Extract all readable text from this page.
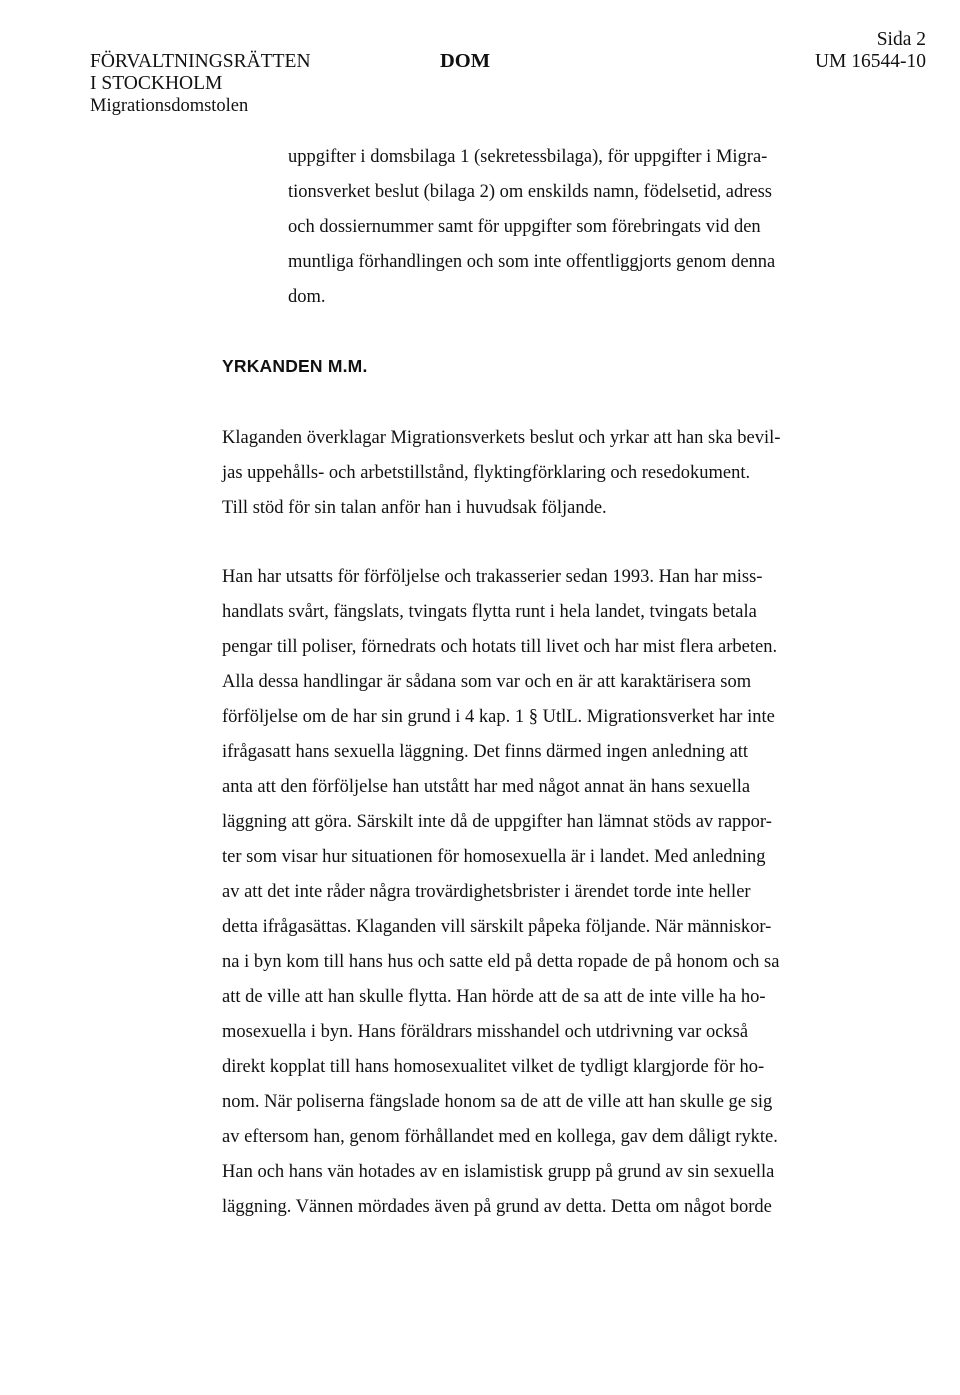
FÖRVALTNINGSRÄTTEN
I STOCKHOLM
Migrationsdomstolen
DOM
Sida 2
UM 16544-10
uppgifter i domsbilaga 1 (sekretessbilaga), för uppgifter i Migra-
tionsverket beslut (bilaga 2) om enskilds namn, födelsetid, adress
och dossiernummer samt för uppgifter som förebringats vid den
muntliga förhandlingen och som inte offentliggjorts genom denna
dom.
YRKANDEN M.M.
Klaganden överklagar Migrationsverkets beslut och yrkar att han ska bevil-
jas uppehålls- och arbetstillstånd, flyktingförklaring och resedokument.
Till stöd för sin talan anför han i huvudsak följande.
Han har utsatts för förföljelse och trakasserier sedan 1993. Han har miss-
handlats svårt, fängslats, tvingats flytta runt i hela landet, tvingats betala
pengar till poliser, förnedrats och hotats till livet och har mist flera arbeten.
Alla dessa handlingar är sådana som var och en är att karaktärisera som
förföljelse om de har sin grund i 4 kap. 1 § UtlL. Migrationsverket har inte
ifrågasatt hans sexuella läggning. Det finns därmed ingen anledning att
anta att den förföljelse han utstått har med något annat än hans sexuella
läggning att göra. Särskilt inte då de uppgifter han lämnat stöds av rappor-
ter som visar hur situationen för homosexuella är i landet. Med anledning
av att det inte råder några trovärdighetsbrister i ärendet torde inte heller
detta ifrågasättas. Klaganden vill särskilt påpeka följande. När människor-
na i byn kom till hans hus och satte eld på detta ropade de på honom och sa
att de ville att han skulle flytta. Han hörde att de sa att de inte ville ha ho-
mosexuella i byn. Hans föräldrars misshandel och utdrivning var också
direkt kopplat till hans homosexualitet vilket de tydligt klargjorde för ho-
nom. När poliserna fängslade honom sa de att de ville att han skulle ge sig
av eftersom han, genom förhållandet med en kollega, gav dem dåligt rykte.
Han och hans vän hotades av en islamistisk grupp på grund av sin sexuella
läggning. Vännen mördades även på grund av detta. Detta om något borde
